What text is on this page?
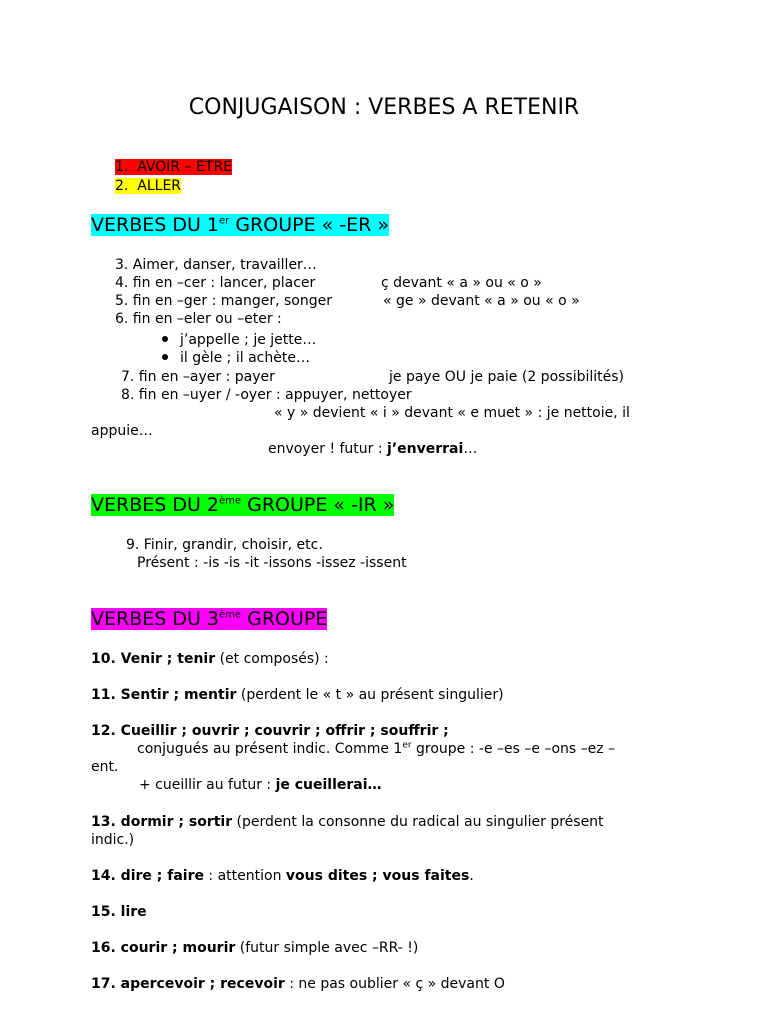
CONJUGAISON : VERBES A RETENIR
1. AVOIR – ETRE
2. ALLER
VERBES DU 1er GROUPE « -ER »
3. Aimer, danser, travailler…
4. fin en –cer : lancer, placer	ç devant « a » ou « o »
5. fin en –ger : manger, songer	« ge » devant « a » ou « o »
6. fin en –eler ou –eter :
j’appelle ; je jette…
il gèle ; il achète…
7. fin en –ayer : payer	je paye OU je paie (2 possibilités)
8. fin en –uyer / -oyer : appuyer, nettoyer
« y » devient « i » devant « e muet » : je nettoie, il
appuie…
envoyer ! futur : j’enverrai…
VERBES DU 2ème GROUPE « -IR »
9. Finir, grandir, choisir, etc.
Présent : -is -is -it -issons -issez -issent
VERBES DU 3ème GROUPE
10. Venir ; tenir (et composés) :
11. Sentir ; mentir (perdent le « t » au présent singulier)
12. Cueillir ; ouvrir ; couvrir ; offrir ; souffrir ;
conjugués au présent indic. Comme 1er groupe : -e –es –e –ons –ez –
ent.
+ cueillir au futur : je cueillerai…
13. dormir ; sortir (perdent la consonne du radical au singulier présent
indic.)
14. dire ; faire : attention vous dites ; vous faites.
15. lire
16. courir ; mourir (futur simple avec –RR- !)
17. apercevoir ; recevoir : ne pas oublier « ç » devant O
